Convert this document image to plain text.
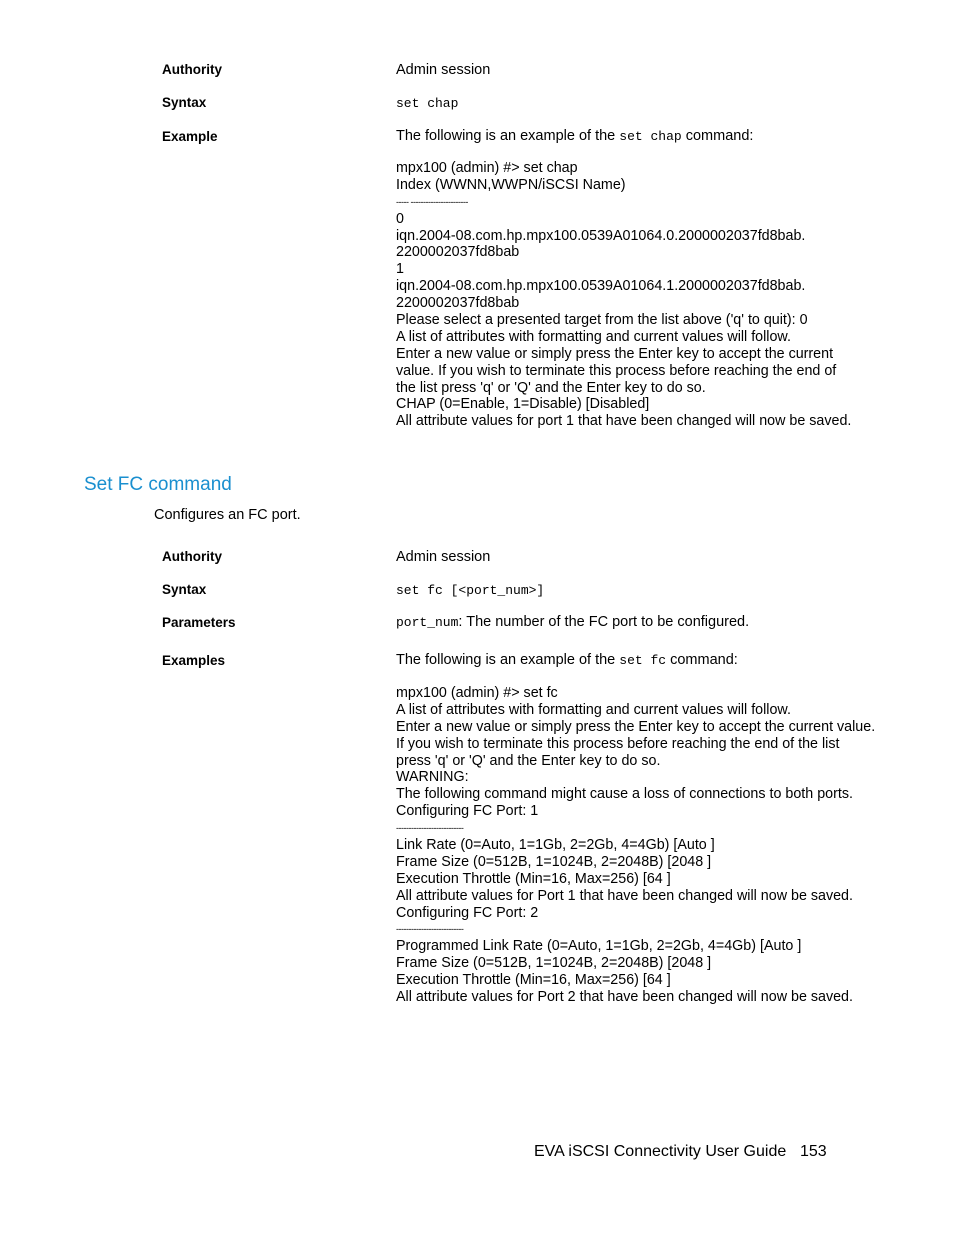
Authority	Admin session
Syntax	set chap
Example	The following is an example of the set chap command:
mpx100 (admin) #> set chap
Index (WWNN,WWPN/iSCSI Name)
----- -----------------------
0
iqn.2004-08.com.hp.mpx100.0539A01064.0.2000002037fd8bab.
2200002037fd8bab
1
iqn.2004-08.com.hp.mpx100.0539A01064.1.2000002037fd8bab.
2200002037fd8bab
Please select a presented target from the list above ('q' to quit): 0
A list of attributes with formatting and current values will follow.
Enter a new value or simply press the Enter key to accept the current
value. If you wish to terminate this process before reaching the end of
the list press 'q' or 'Q' and the Enter key to do so.
CHAP (0=Enable, 1=Disable) [Disabled]
All attribute values for port 1 that have been changed will now be saved.
Set FC command
Configures an FC port.
Authority	Admin session
Syntax	set fc [<port_num>]
Parameters	port_num: The number of the FC port to be configured.
Examples	The following is an example of the set fc command:
mpx100 (admin) #> set fc
A list of attributes with formatting and current values will follow.
Enter a new value or simply press the Enter key to accept the current value.
If you wish to terminate this process before reaching the end of the list
press 'q' or 'Q' and the Enter key to do so.
WARNING:
The following command might cause a loss of connections to both ports.
Configuring FC Port: 1
---------------------------
Link Rate (0=Auto, 1=1Gb, 2=2Gb, 4=4Gb) [Auto ]
Frame Size (0=512B, 1=1024B, 2=2048B) [2048 ]
Execution Throttle (Min=16, Max=256) [64 ]
All attribute values for Port 1 that have been changed will now be saved.
Configuring FC Port: 2
---------------------------
Programmed Link Rate (0=Auto, 1=1Gb, 2=2Gb, 4=4Gb) [Auto ]
Frame Size (0=512B, 1=1024B, 2=2048B) [2048 ]
Execution Throttle (Min=16, Max=256) [64 ]
All attribute values for Port 2 that have been changed will now be saved.
EVA iSCSI Connectivity User Guide 153
